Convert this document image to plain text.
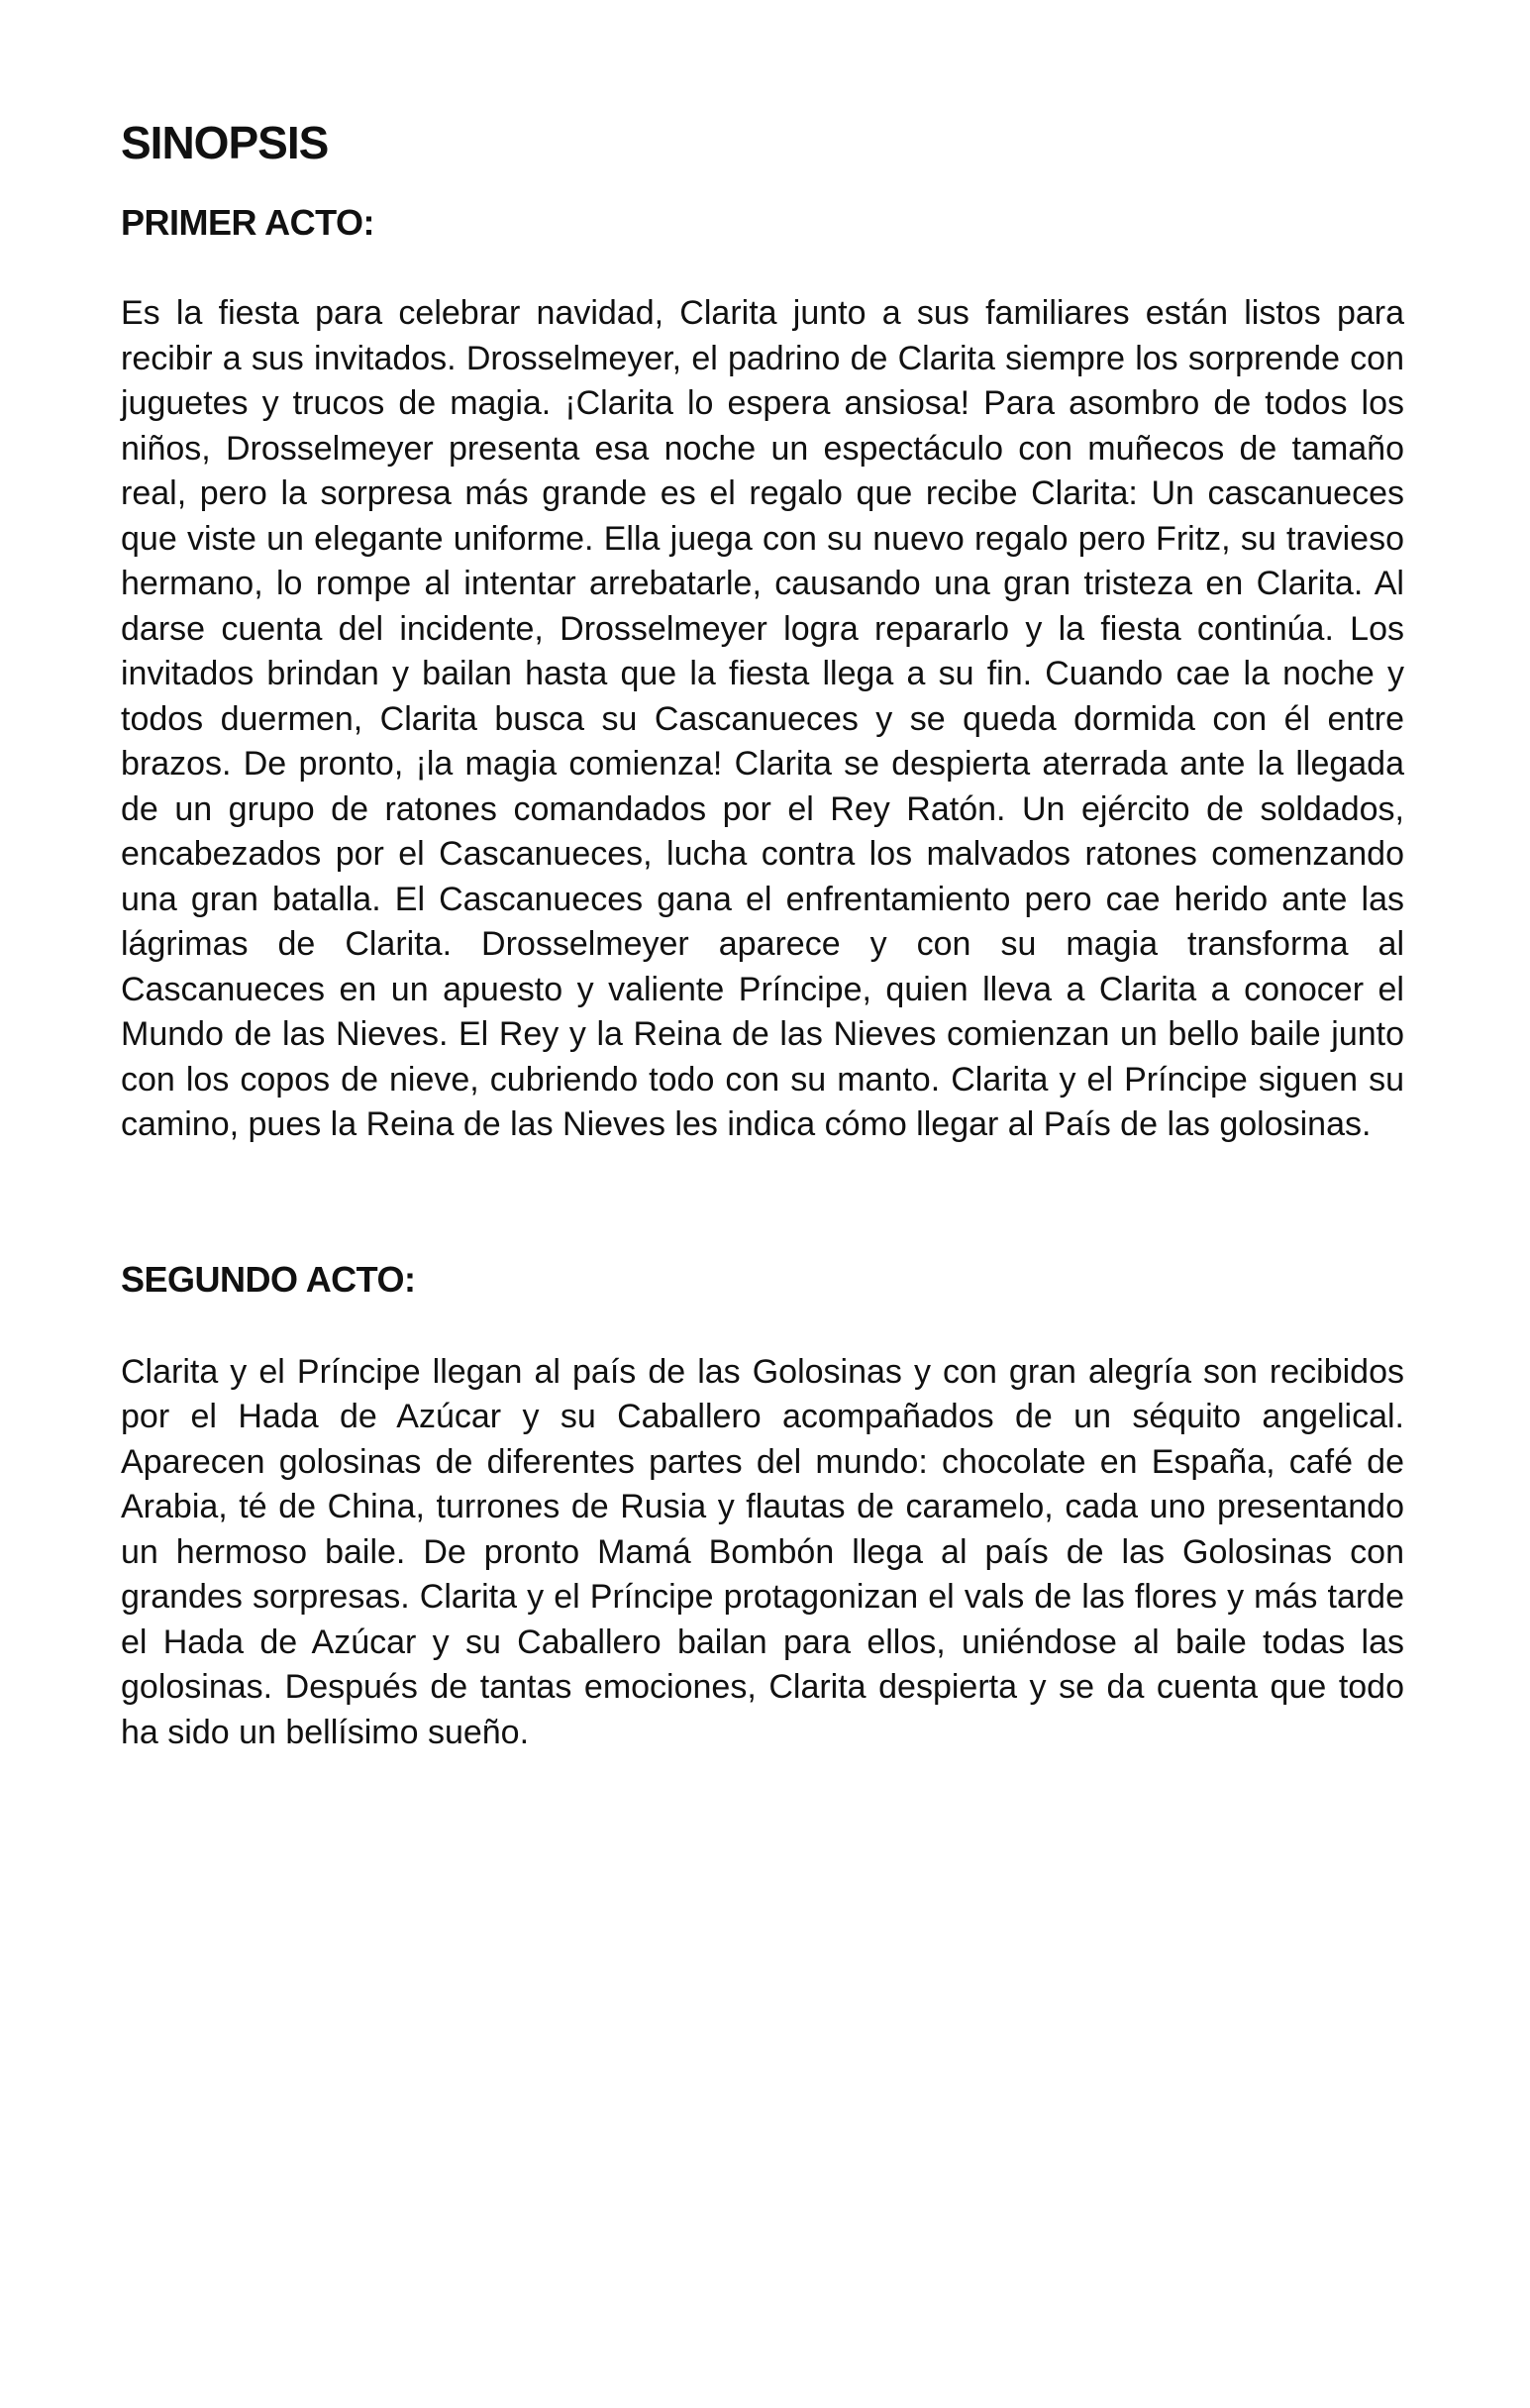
SINOPSIS
PRIMER ACTO:

Es la fiesta para celebrar navidad, Clarita junto a sus familiares están listos para recibir a sus invitados. Drosselmeyer, el padrino de Clarita siempre los sorprende con juguetes y trucos de magia. ¡Clarita lo espera ansiosa! Para asombro de todos los niños, Drosselmeyer presenta esa noche un espectáculo con muñecos de tamaño real, pero la sorpresa más grande es el regalo que recibe Clarita: Un cascanueces que viste un elegante uniforme. Ella juega con su nuevo regalo pero Fritz, su travieso hermano, lo rompe al intentar arrebatarle, causando una gran tristeza en Clarita. Al darse cuenta del incidente, Drosselmeyer logra repararlo y la fiesta continúa. Los invitados brindan y bailan hasta que la fiesta llega a su fin. Cuando cae la noche y todos duermen, Clarita busca su Cascanueces y se queda dormida con él entre brazos. De pronto, ¡la magia comienza! Clarita se despierta aterrada ante la llegada de un grupo de ratones comandados por el Rey Ratón. Un ejército de soldados, encabezados por el Cascanueces, lucha contra los malvados ratones comenzando una gran batalla. El Cascanueces gana el enfrentamiento pero cae herido ante las lágrimas de Clarita. Drosselmeyer aparece y con su magia transforma al Cascanueces en un apuesto y valiente Príncipe, quien lleva a Clarita a conocer el Mundo de las Nieves. El Rey y la Reina de las Nieves comienzan un bello baile junto con los copos de nieve, cubriendo todo con su manto. Clarita y el Príncipe siguen su camino, pues la Reina de las Nieves les indica cómo llegar al País de las golosinas.

SEGUNDO ACTO:

Clarita y el Príncipe llegan al país de las Golosinas y con gran alegría son recibidos por el Hada de Azúcar y su Caballero acompañados de un séquito angelical. Aparecen golosinas de diferentes partes del mundo: chocolate en España, café de Arabia, té de China, turrones de Rusia y flautas de caramelo, cada uno presentando un hermoso baile. De pronto Mamá Bombón llega al país de las Golosinas con grandes sorpresas. Clarita y el Príncipe protagonizan el vals de las flores y más tarde el Hada de Azúcar y su Caballero bailan para ellos, uniéndose al baile todas las golosinas. Después de tantas emociones, Clarita despierta y se da cuenta que todo ha sido un bellísimo sueño.
